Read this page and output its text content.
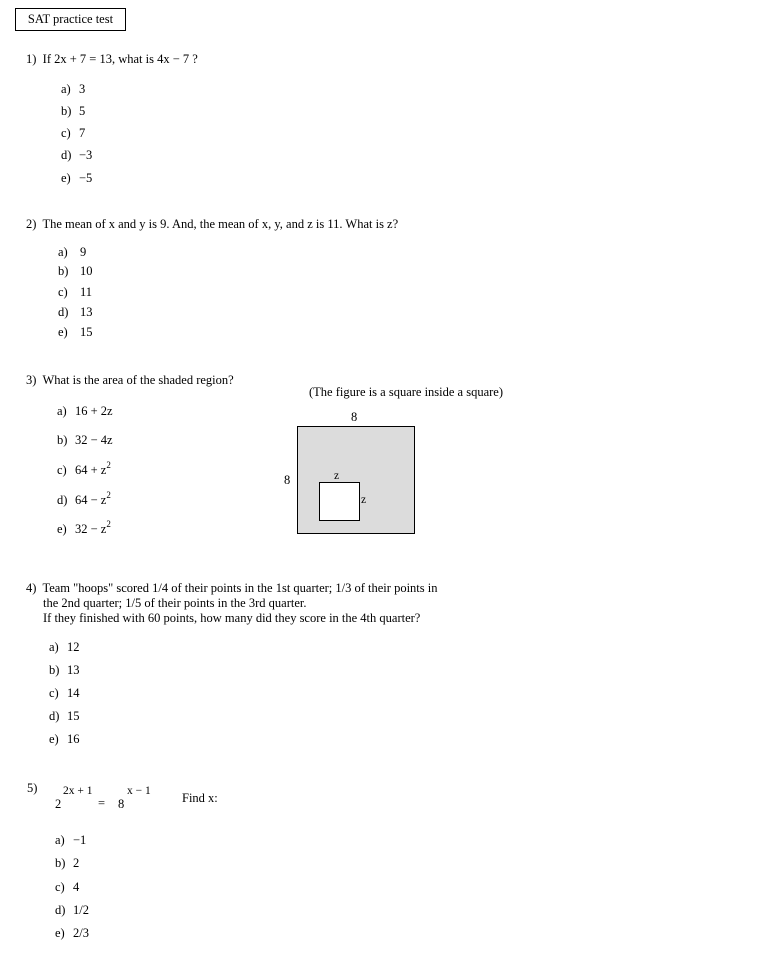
SAT practice test
1) If 2x + 7 = 13, what is 4x − 7 ?
a) 3
b) 5
c) 7
d) −3
e) −5
2) The mean of x and y is 9. And, the mean of x, y, and z is 11. What is z?
a) 9
b) 10
c) 11
d) 13
e) 15
3) What is the area of the shaded region?
a) 16 + 2z
b) 32 − 4z
c) $64 + z^2$
d) $64 - z^2$
e) $32 - z^2$
(The figure is a square inside a square)
8
8	z
z
4) Team "hoops" scored 1/4 of their points in the 1st quarter; 1/3 of their points in
the 2nd quarter; 1/5 of their points in the 3rd quarter.
If they finished with 60 points, how many did they score in the 4th quarter?
a) 12
b) 13
c) 14
d) 15
e) 16
5)
2
2x + 1
= 8
x − 1	Find x:
a) −1
b) 2
c) 4
d) 1/2
e) 2/3
